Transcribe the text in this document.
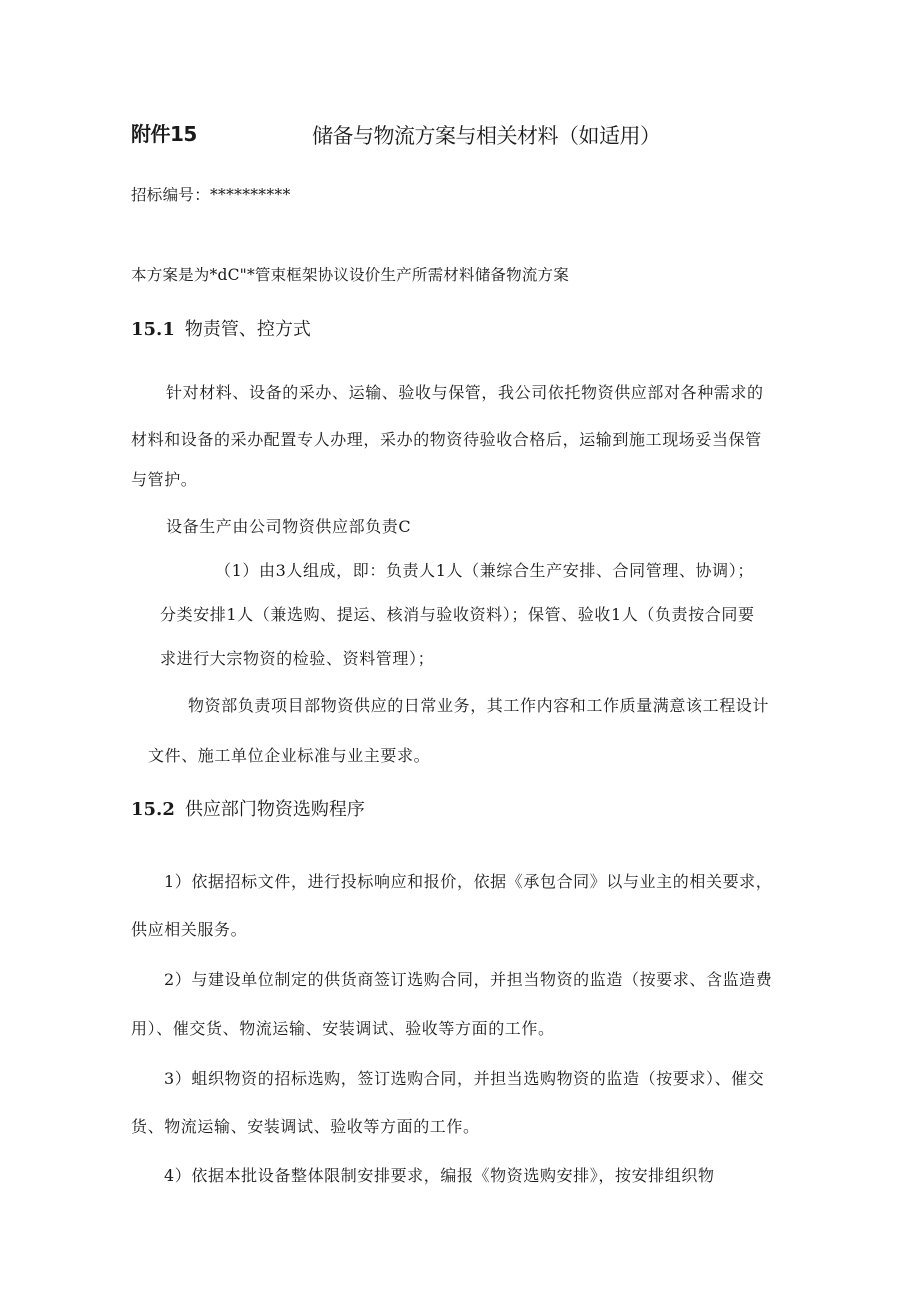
附件15	储备与物流方案与相关材料（如适用）
招标编号：**********
本方案是为*dC"*管束框架协议设价生产所需材料储备物流方案
15.1 物责管、控方式
针对材料、设备的采办、运输、验收与保管，我公司依托物资供应部对各种需求的
材料和设备的采办配置专人办理，采办的物资待验收合格后，运输到施工现场妥当保管
与管护。
设备生产由公司物资供应部负责C
（1）由3人组成，即：负责人1人（兼综合生产安排、合同管理、协调）；
分类安排1人（兼选购、提运、核消与验收资料）；保管、验收1人（负责按合同要
求进行大宗物资的检验、资料管理）；
物资部负责项目部物资供应的日常业务，其工作内容和工作质量满意该工程设计
文件、施工单位企业标准与业主要求。
15.2 供应部门物资选购程序
1）依据招标文件，进行投标响应和报价，依据《承包合同》以与业主的相关要求，
供应相关服务。
2）与建设单位制定的供货商签订选购合同，并担当物资的监造（按要求、含监造费
用）、催交货、物流运输、安装调试、验收等方面的工作。
3）蛆织物资的招标选购，签订选购合同，并担当选购物资的监造（按要求）、催交
货、物流运输、安装调试、验收等方面的工作。
4）依据本批设备整体限制安排要求，编报《物资选购安排》，按安排组织物
